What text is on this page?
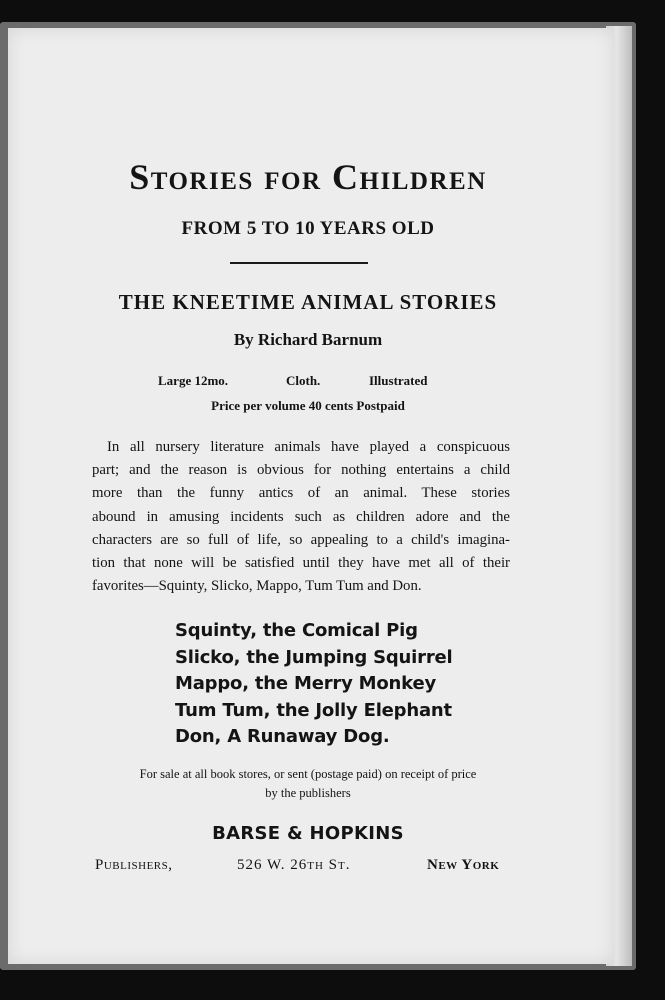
Stories for Children
FROM 5 TO 10 YEARS OLD
THE KNEETIME ANIMAL STORIES
By Richard Barnum
Large 12mo.	Cloth.	Illustrated
Price per volume 40 cents Postpaid
In all nursery literature animals have played a conspicuous
part; and the reason is obvious for nothing entertains a child
more than the funny antics of an animal. These stories
abound in amusing incidents such as children adore and the
characters are so full of life, so appealing to a child's imagina-
tion that none will be satisfied until they have met all of their
favorites—Squinty, Slicko, Mappo, Tum Tum and Don.
Squinty, the Comical Pig
Slicko, the Jumping Squirrel
Mappo, the Merry Monkey
Tum Tum, the Jolly Elephant
Don, A Runaway Dog.
For sale at all book stores, or sent (postage paid) on receipt of price
by the publishers
BARSE & HOPKINS
Publishers,	526 W. 26th St.	New York
